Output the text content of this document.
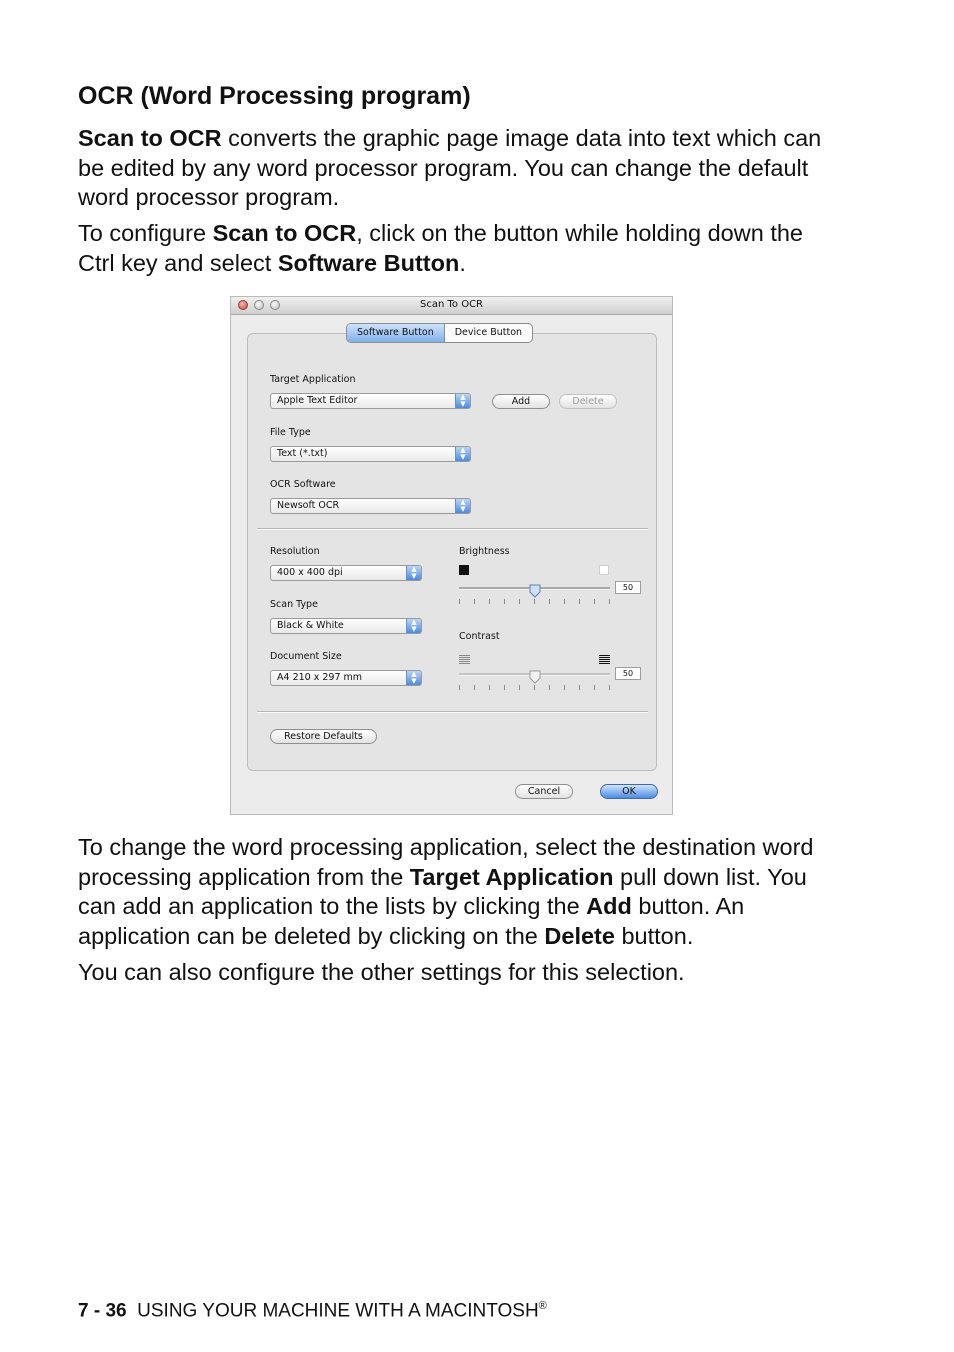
OCR (Word Processing program)

Scan to OCR converts the graphic page image data into text which can be edited by any word processor program. You can change the default word processor program.

To configure Scan to OCR, click on the button while holding down the Ctrl key and select Software Button.

Scan To OCR
Software Button	Device Button
Target Application
Apple Text Editor	▲
▼	Add	Delete
File Type
Text (*.txt)	▲
▼
OCR Software
Newsoft OCR	▲
▼
Resolution
400 x 400 dpi	▲
▼
Scan Type
Black & White	▲
▼
Document Size
A4 210 x 297 mm	▲
▼
Brightness
50
Contrast
50
Restore Defaults
Cancel	OK

To change the word processing application, select the destination word processing application from the Target Application pull down list. You can add an application to the lists by clicking the Add button. An application can be deleted by clicking on the Delete button.

You can also configure the other settings for this selection.

7 - 36 USING YOUR MACHINE WITH A MACINTOSH®
